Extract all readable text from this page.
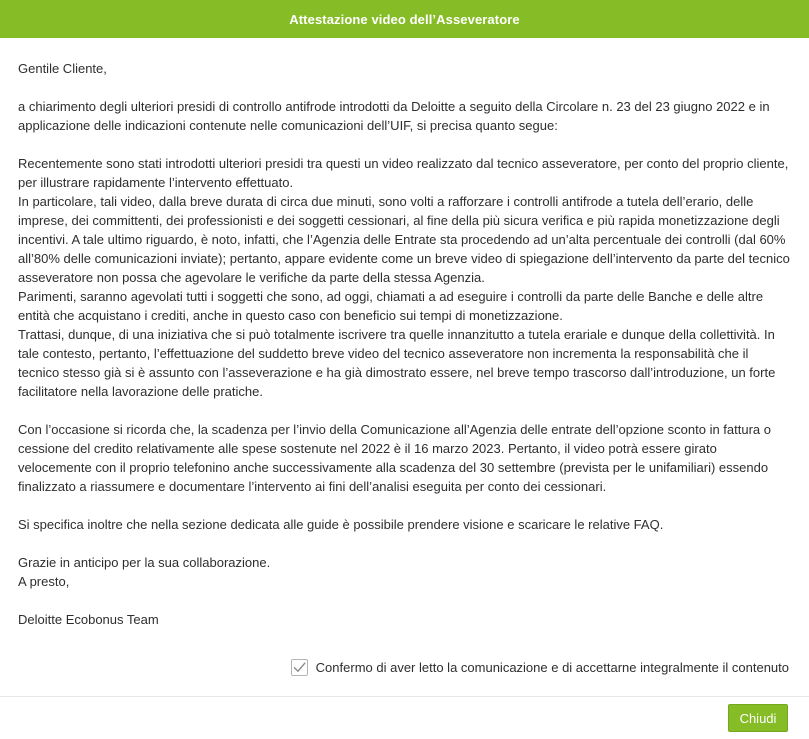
Attestazione video dell’Asseveratore

Gentile Cliente,

a chiarimento degli ulteriori presidi di controllo antifrode introdotti da Deloitte a seguito della Circolare n. 23 del 23 giugno 2022 e in applicazione delle indicazioni contenute nelle comunicazioni dell’UIF, si precisa quanto segue:

Recentemente sono stati introdotti ulteriori presidi tra questi un video realizzato dal tecnico asseveratore, per conto del proprio cliente, per illustrare rapidamente l’intervento effettuato.

In particolare, tali video, dalla breve durata di circa due minuti, sono volti a rafforzare i controlli antifrode a tutela dell’erario, delle imprese, dei committenti, dei professionisti e dei soggetti cessionari, al fine della più sicura verifica e più rapida monetizzazione degli incentivi. A tale ultimo riguardo, è noto, infatti, che l’Agenzia delle Entrate sta procedendo ad un’alta percentuale dei controlli (dal 60% all’80% delle comunicazioni inviate); pertanto, appare evidente come un breve video di spiegazione dell’intervento da parte del tecnico asseveratore non possa che agevolare le verifiche da parte della stessa Agenzia.

Parimenti, saranno agevolati tutti i soggetti che sono, ad oggi, chiamati a ad eseguire i controlli da parte delle Banche e delle altre entità che acquistano i crediti, anche in questo caso con beneficio sui tempi di monetizzazione.

Trattasi, dunque, di una iniziativa che si può totalmente iscrivere tra quelle innanzitutto a tutela erariale e dunque della collettività. In tale contesto, pertanto, l’effettuazione del suddetto breve video del tecnico asseveratore non incrementa la responsabilità che il tecnico stesso già si è assunto con l’asseverazione e ha già dimostrato essere, nel breve tempo trascorso dall’introduzione, un forte facilitatore nella lavorazione delle pratiche.

Con l’occasione si ricorda che, la scadenza per l’invio della Comunicazione all’Agenzia delle entrate dell’opzione sconto in fattura o cessione del credito relativamente alle spese sostenute nel 2022 è il 16 marzo 2023. Pertanto, il video potrà essere girato velocemente con il proprio telefonino anche successivamente alla scadenza del 30 settembre (prevista per le unifamiliari) essendo finalizzato a riassumere e documentare l’intervento ai fini dell’analisi eseguita per conto dei cessionari.

Si specifica inoltre che nella sezione dedicata alle guide è possibile prendere visione e scaricare le relative FAQ.

Grazie in anticipo per la sua collaborazione.

A presto,

Deloitte Ecobonus Team

Confermo di aver letto la comunicazione e di accettarne integralmente il contenuto
Chiudi
